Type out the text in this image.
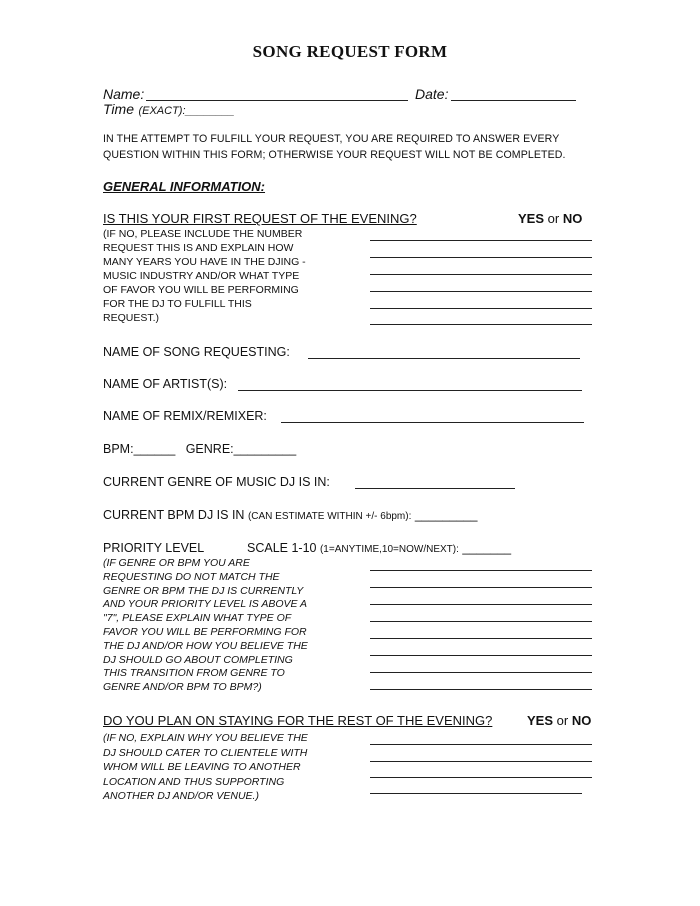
SONG REQUEST FORM
Name:	Date:
Time
(EXACT): ________
IN THE ATTEMPT TO FULFILL YOUR REQUEST, YOU ARE REQUIRED TO ANSWER EVERY
QUESTION WITHIN THIS FORM; OTHERWISE YOUR REQUEST WILL NOT BE COMPLETED.
GENERAL INFORMATION:
IS THIS YOUR FIRST REQUEST OF THE EVENING?	YES
or
NO
(IF NO, PLEASE INCLUDE THE NUMBER
REQUEST THIS IS AND EXPLAIN HOW
MANY YEARS YOU HAVE IN THE DJING -
MUSIC INDUSTRY AND/OR WHAT TYPE
OF FAVOR YOU WILL BE PERFORMING
FOR THE DJ TO FULFILL THIS
REQUEST.)
NAME OF SONG REQUESTING:
NAME OF ARTIST(S):
NAME OF REMIX/REMIXER:
BPM: ______
GENRE: _________
CURRENT GENRE OF MUSIC DJ IS IN:
CURRENT BPM DJ IS IN
(CAN ESTIMATE WITHIN +/- 6bpm):
_________
PRIORITY LEVEL	SCALE 1-10
(1=ANYTIME,10=NOW/NEXT):
_______
(IF GENRE OR BPM YOU ARE
REQUESTING DO NOT MATCH THE
GENRE OR BPM THE DJ IS CURRENTLY
AND YOUR PRIORITY LEVEL IS ABOVE A
"7", PLEASE EXPLAIN WHAT TYPE OF
FAVOR YOU WILL BE PERFORMING FOR
THE DJ AND/OR HOW YOU BELIEVE THE
DJ SHOULD GO ABOUT COMPLETING
THIS TRANSITION FROM GENRE TO
GENRE AND/OR BPM TO BPM?)
DO YOU PLAN ON STAYING FOR THE REST OF THE EVENING?	YES
or
NO
(IF NO, EXPLAIN WHY YOU BELIEVE THE
DJ SHOULD CATER TO CLIENTELE WITH
WHOM WILL BE LEAVING TO ANOTHER
LOCATION AND THUS SUPPORTING
ANOTHER DJ AND/OR VENUE.)
